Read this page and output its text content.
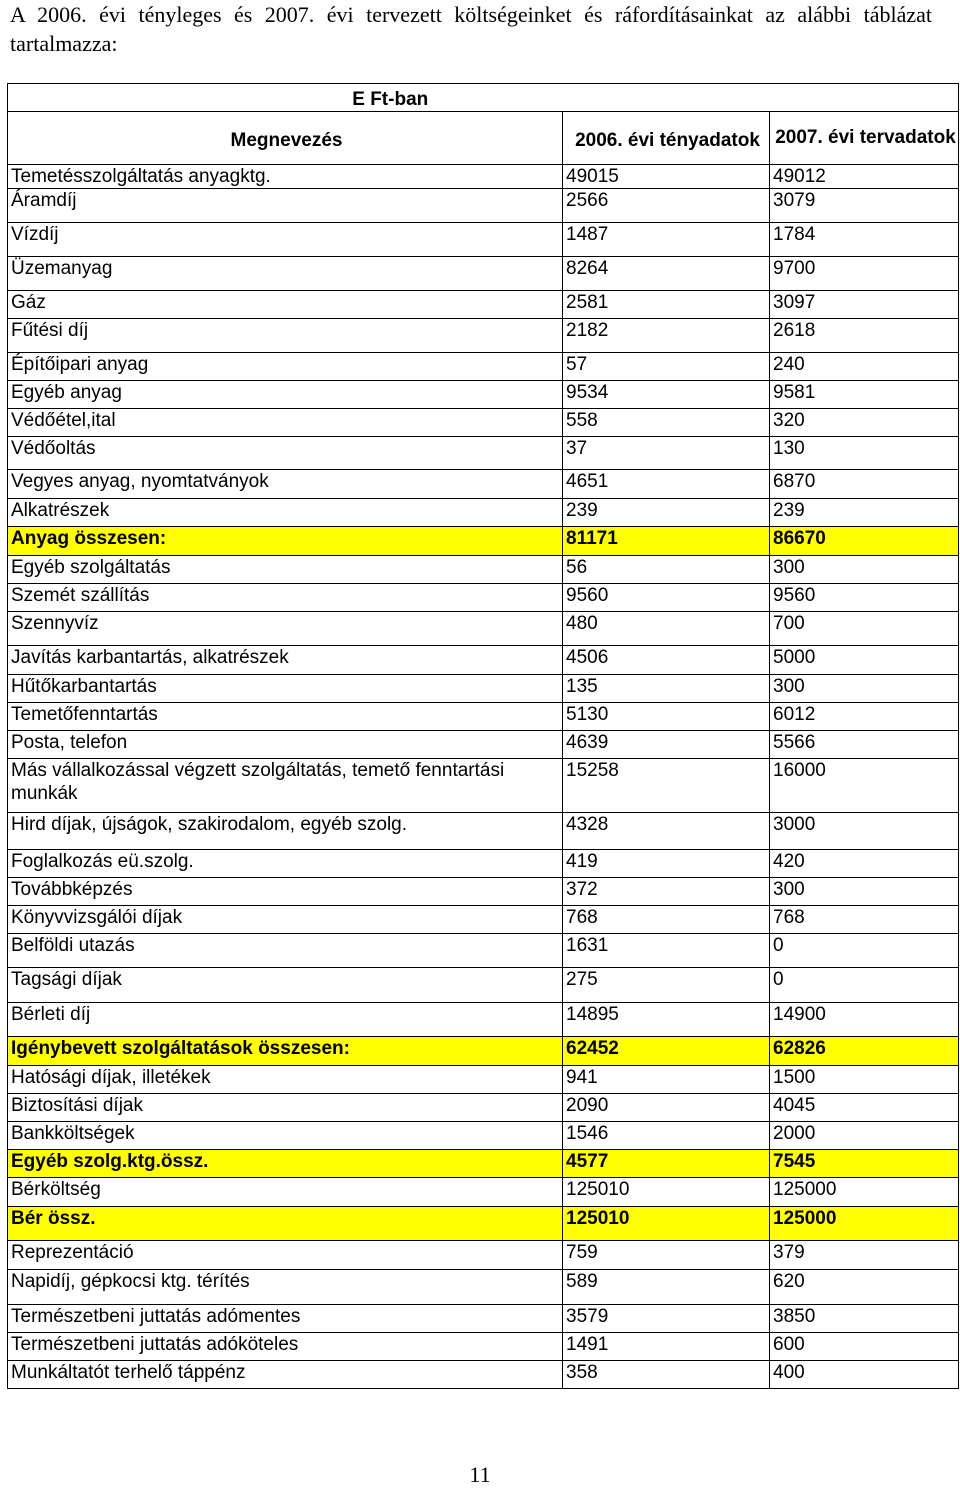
A 2006. évi tényleges és 2007. évi tervezett költségeinket és ráfordításainkat az alábbi táblázat tartalmazza:
E Ft-ban		
Megnevezés	2006. évi tényadatok	2007. évi tervadatok
Temetésszolgáltatás anyagktg.	49015	49012
Áramdíj	2566	3079
Vízdíj	1487	1784
Üzemanyag	8264	9700
Gáz	2581	3097
Fűtési díj	2182	2618
Építőipari anyag	57	240
Egyéb anyag	9534	9581
Védőétel,ital	558	320
Védőoltás	37	130
Vegyes anyag, nyomtatványok	4651	6870
Alkatrészek	239	239
Anyag összesen:	81171	86670
Egyéb szolgáltatás	56	300
Szemét szállítás	9560	9560
Szennyvíz	480	700
Javítás karbantartás, alkatrészek	4506	5000
Hűtőkarbantartás	135	300
Temetőfenntartás	5130	6012
Posta, telefon	4639	5566
Más vállalkozással végzett szolgáltatás, temető fenntartási munkák	15258	16000
Hird díjak, újságok, szakirodalom, egyéb szolg.	4328	3000
Foglalkozás eü.szolg.	419	420
Továbbképzés	372	300
Könyvvizsgálói díjak	768	768
Belföldi utazás	1631	0
Tagsági díjak	275	0
Bérleti díj	14895	14900
Igénybevett szolgáltatások összesen:	62452	62826
Hatósági díjak, illetékek	941	1500
Biztosítási díjak	2090	4045
Bankköltségek	1546	2000
Egyéb szolg.ktg.össz.	4577	7545
Bérköltség	125010	125000
Bér össz.	125010	125000
Reprezentáció	759	379
Napidíj, gépkocsi ktg. térítés	589	620
Természetbeni juttatás adómentes	3579	3850
Természetbeni juttatás adóköteles	1491	600
Munkáltatót terhelő táppénz	358	400
11
